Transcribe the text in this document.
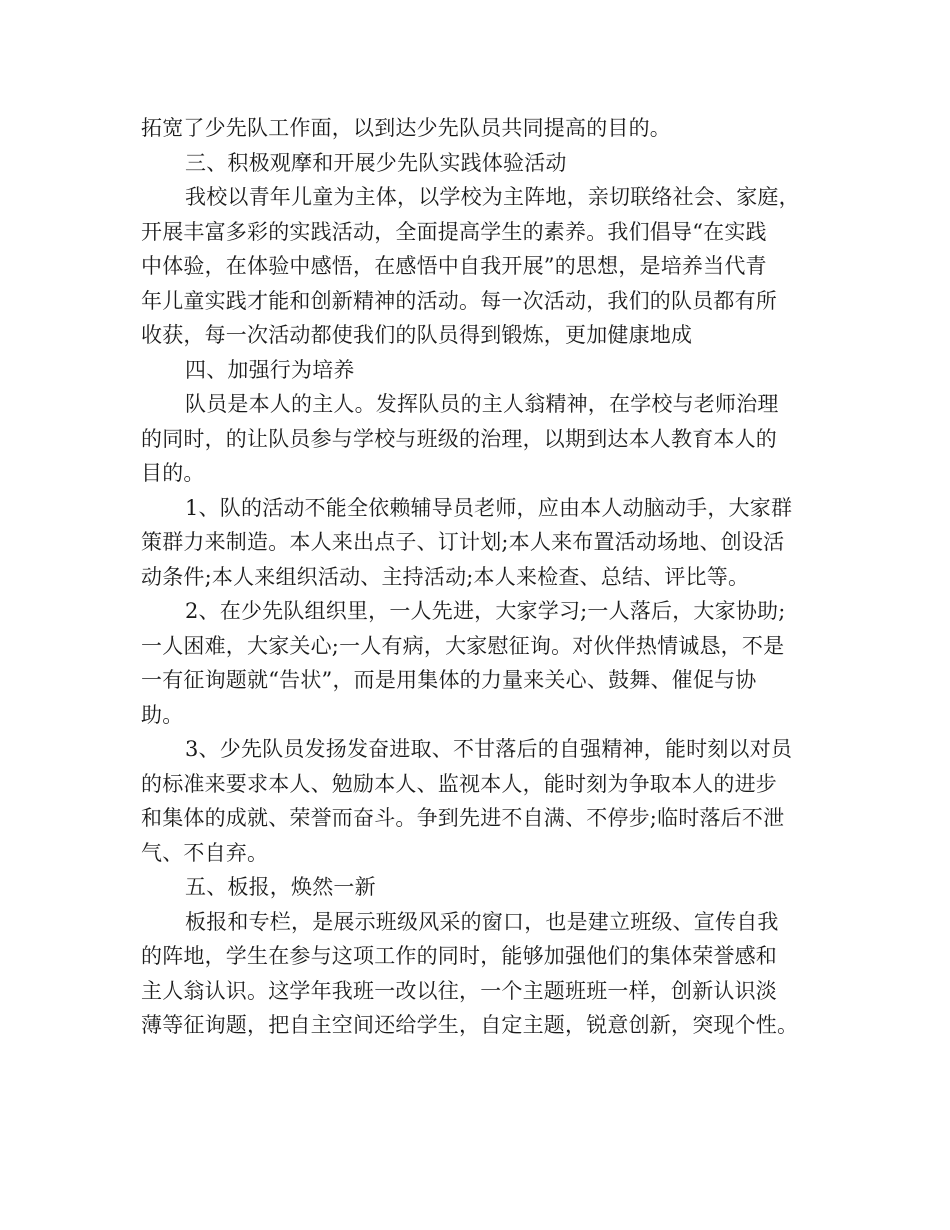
拓宽了少先队工作面，以到达少先队员共同提高的目的。
三、积极观摩和开展少先队实践体验活动
我校以青年儿童为主体，以学校为主阵地，亲切联络社会、家庭，
开展丰富多彩的实践活动，全面提高学生的素养。我们倡导“在实践
中体验，在体验中感悟，在感悟中自我开展”的思想，是培养当代青
年儿童实践才能和创新精神的活动。每一次活动，我们的队员都有所
收获，每一次活动都使我们的队员得到锻炼，更加健康地成
四、加强行为培养
队员是本人的主人。发挥队员的主人翁精神，在学校与老师治理
的同时，的让队员参与学校与班级的治理，以期到达本人教育本人的
目的。
1、队的活动不能全依赖辅导员老师，应由本人动脑动手，大家群
策群力来制造。本人来出点子、订计划;本人来布置活动场地、创设活
动条件;本人来组织活动、主持活动;本人来检查、总结、评比等。
2、在少先队组织里，一人先进，大家学习;一人落后，大家协助;
一人困难，大家关心;一人有病，大家慰征询。对伙伴热情诚恳，不是
一有征询题就“告状”，而是用集体的力量来关心、鼓舞、催促与协
助。
3、少先队员发扬发奋进取、不甘落后的自强精神，能时刻以对员
的标准来要求本人、勉励本人、监视本人，能时刻为争取本人的进步
和集体的成就、荣誉而奋斗。争到先进不自满、不停步;临时落后不泄
气、不自弃。
五、板报，焕然一新
板报和专栏，是展示班级风采的窗口，也是建立班级、宣传自我
的阵地，学生在参与这项工作的同时，能够加强他们的集体荣誉感和
主人翁认识。这学年我班一改以往，一个主题班班一样，创新认识淡
薄等征询题，把自主空间还给学生，自定主题，锐意创新，突现个性。
